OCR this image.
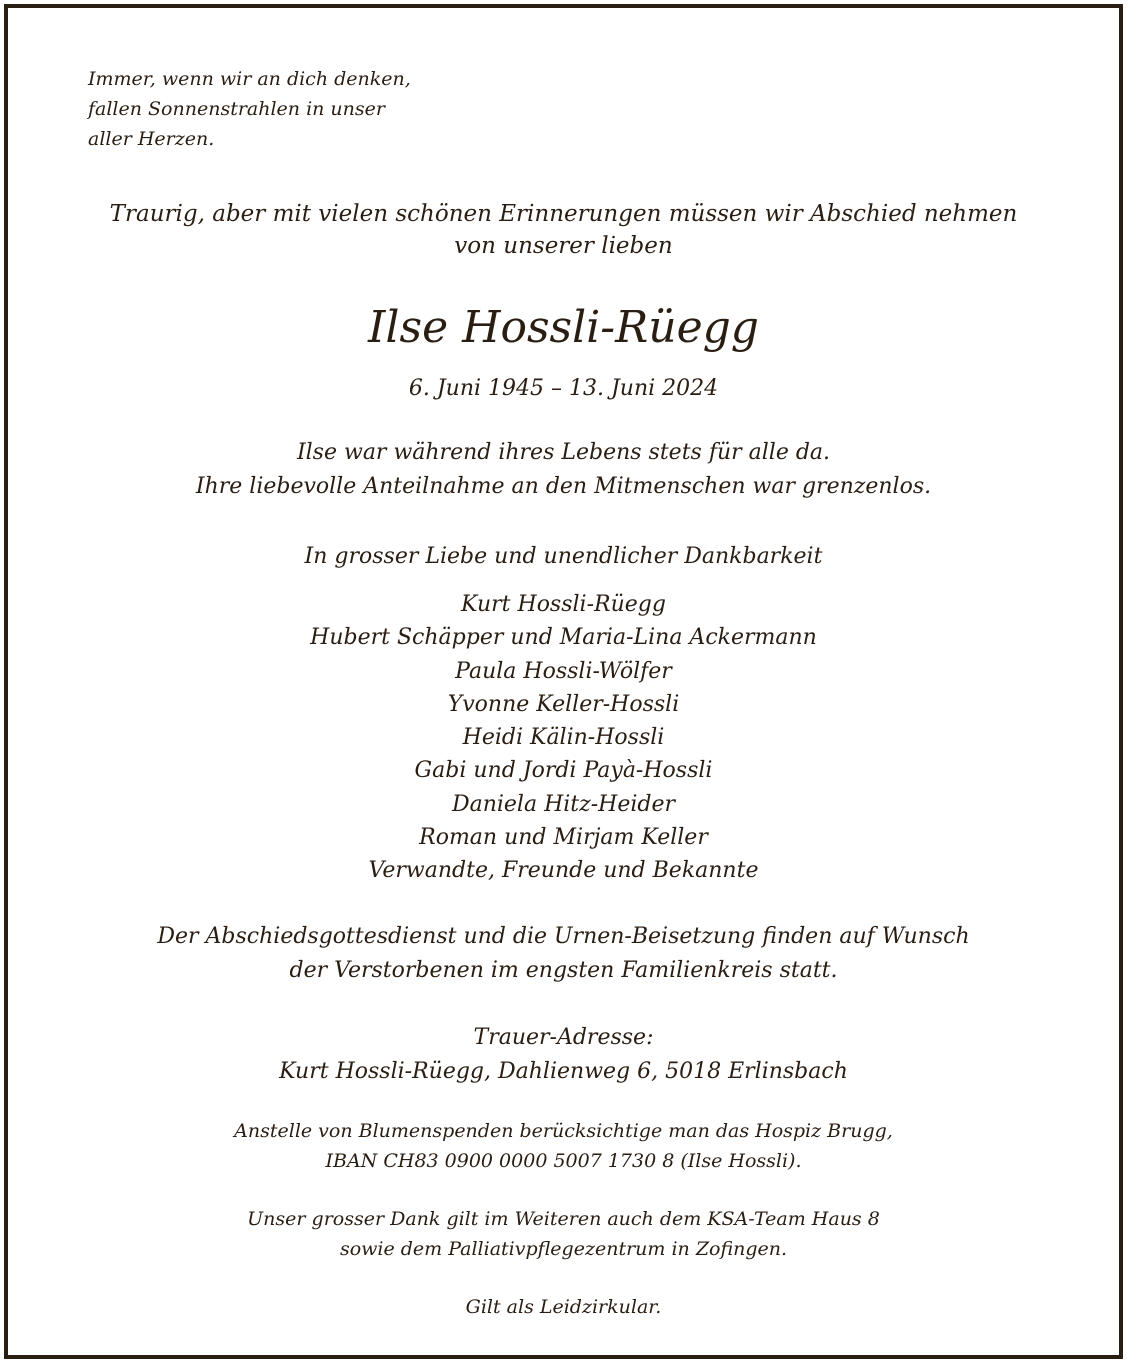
Immer, wenn wir an dich denken,
fallen Sonnenstrahlen in unser
aller Herzen.
Traurig, aber mit vielen schönen Erinnerungen müssen wir Abschied nehmen
von unserer lieben
Ilse Hossli-Rüegg
6. Juni 1945 – 13. Juni 2024
Ilse war während ihres Lebens stets für alle da.
Ihre liebevolle Anteilnahme an den Mitmenschen war grenzenlos.
In grosser Liebe und unendlicher Dankbarkeit
Kurt Hossli-Rüegg
Hubert Schäpper und Maria-Lina Ackermann
Paula Hossli-Wölfer
Yvonne Keller-Hossli
Heidi Kälin-Hossli
Gabi und Jordi Payà-Hossli
Daniela Hitz-Heider
Roman und Mirjam Keller
Verwandte, Freunde und Bekannte
Der Abschiedsgottesdienst und die Urnen-Beisetzung finden auf Wunsch
der Verstorbenen im engsten Familienkreis statt.
Trauer-Adresse:
Kurt Hossli-Rüegg, Dahlienweg 6, 5018 Erlinsbach
Anstelle von Blumenspenden berücksichtige man das Hospiz Brugg,
IBAN CH83 0900 0000 5007 1730 8 (Ilse Hossli).
Unser grosser Dank gilt im Weiteren auch dem KSA-Team Haus 8
sowie dem Palliativpflegezentrum in Zofingen.
Gilt als Leidzirkular.
